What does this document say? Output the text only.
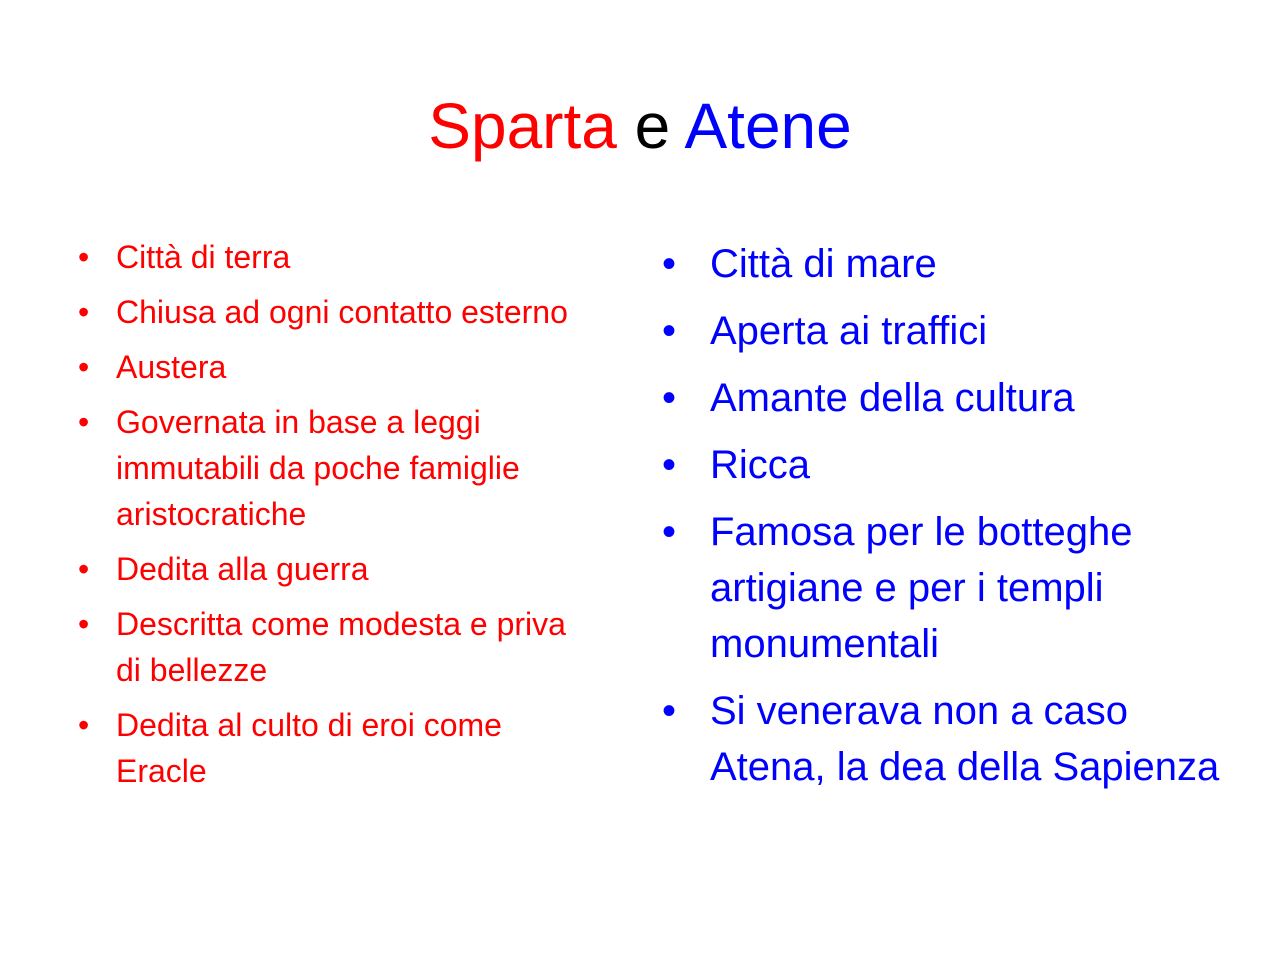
Sparta e Atene
• Città di terra
• Chiusa ad ogni contatto esterno
• Austera
• Governata in base a leggi immutabili da poche famiglie aristocratiche
• Dedita alla guerra
• Descritta come modesta e priva di bellezze
• Dedita al culto di eroi come Eracle
• Città di mare
• Aperta ai traffici
• Amante della cultura
• Ricca
• Famosa per le botteghe artigiane e per i templi monumentali
• Si venerava non a caso Atena, la dea della Sapienza
